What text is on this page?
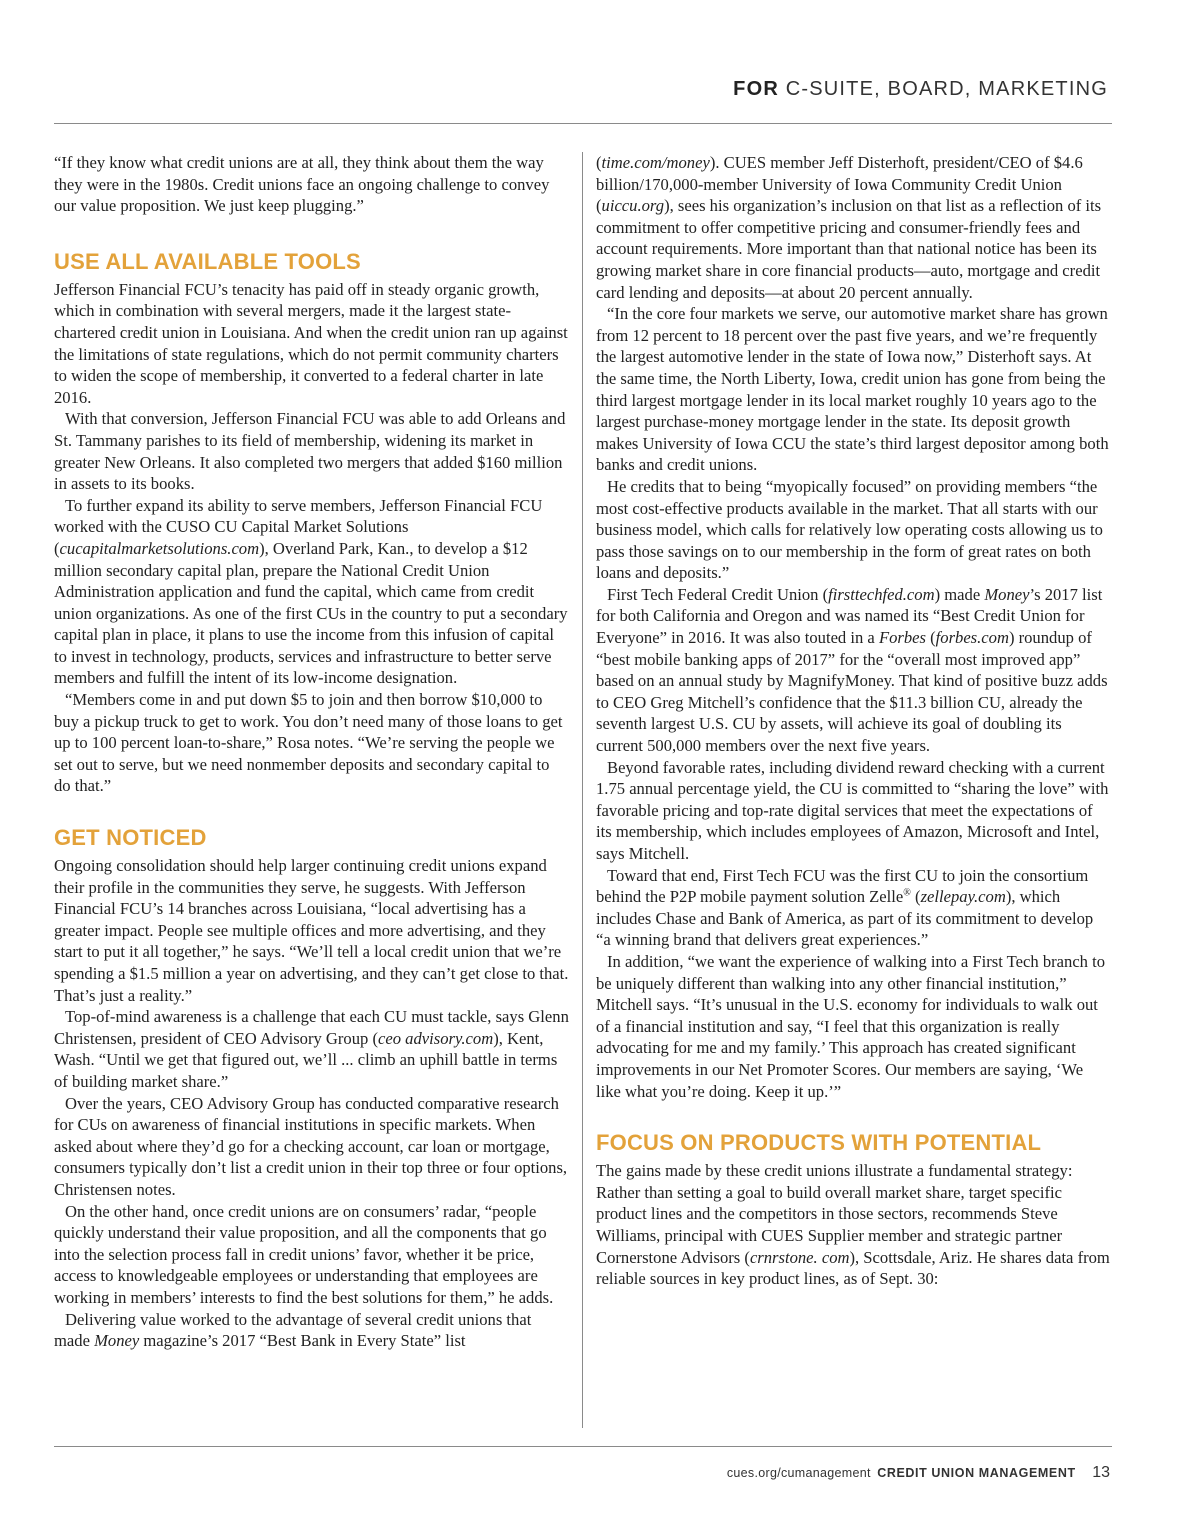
FOR C-SUITE, BOARD, MARKETING

“If they know what credit unions are at all, they think about them the way they were in the 1980s. Credit unions face an ongoing challenge to convey our value proposition. We just keep plugging.”

USE ALL AVAILABLE TOOLS

Jefferson Financial FCU’s tenacity has paid off in steady organic growth, which in combination with several mergers, made it the largest state-chartered credit union in Louisiana. And when the credit union ran up against the limitations of state regulations, which do not permit community charters to widen the scope of membership, it converted to a federal charter in late 2016.

With that conversion, Jefferson Financial FCU was able to add Orleans and St. Tammany parishes to its field of membership, widening its market in greater New Orleans. It also completed two mergers that added $160 million in assets to its books.

To further expand its ability to serve members, Jefferson Financial FCU worked with the CUSO CU Capital Market Solutions (cucapitalmarketsolutions.com), Overland Park, Kan., to develop a $12 million secondary capital plan, prepare the National Credit Union Administration application and fund the capital, which came from credit union organizations. As one of the first CUs in the country to put a secondary capital plan in place, it plans to use the income from this infusion of capital to invest in technology, products, services and infrastructure to better serve members and fulfill the intent of its low-income designation.

“Members come in and put down $5 to join and then borrow $10,000 to buy a pickup truck to get to work. You don’t need many of those loans to get up to 100 percent loan-to-share,” Rosa notes. “We’re serving the people we set out to serve, but we need nonmember deposits and secondary capital to do that.”

GET NOTICED

Ongoing consolidation should help larger continuing credit unions expand their profile in the communities they serve, he suggests. With Jefferson Financial FCU’s 14 branches across Louisiana, “local advertising has a greater impact. People see multiple offices and more advertising, and they start to put it all together,” he says. “We’ll tell a local credit union that we’re spending a $1.5 million a year on advertising, and they can’t get close to that. That’s just a reality.”

Top-of-mind awareness is a challenge that each CU must tackle, says Glenn Christensen, president of CEO Advisory Group (ceo advisory.com), Kent, Wash. “Until we get that figured out, we’ll ... climb an uphill battle in terms of building market share.”

Over the years, CEO Advisory Group has conducted comparative research for CUs on awareness of financial institutions in specific markets. When asked about where they’d go for a checking account, car loan or mortgage, consumers typically don’t list a credit union in their top three or four options, Christensen notes.

On the other hand, once credit unions are on consumers’ radar, “people quickly understand their value proposition, and all the components that go into the selection process fall in credit unions’ favor, whether it be price, access to knowledgeable employees or understanding that employees are working in members’ interests to find the best solutions for them,” he adds.

Delivering value worked to the advantage of several credit unions that made Money magazine’s 2017 “Best Bank in Every State” list

(time.com/money). CUES member Jeff Disterhoft, president/CEO of $4.6 billion/170,000-member University of Iowa Community Credit Union (uiccu.org), sees his organization’s inclusion on that list as a reflection of its commitment to offer competitive pricing and consumer-friendly fees and account requirements. More important than that national notice has been its growing market share in core financial products—auto, mortgage and credit card lending and deposits—at about 20 percent annually.

“In the core four markets we serve, our automotive market share has grown from 12 percent to 18 percent over the past five years, and we’re frequently the largest automotive lender in the state of Iowa now,” Disterhoft says. At the same time, the North Liberty, Iowa, credit union has gone from being the third largest mortgage lender in its local market roughly 10 years ago to the largest purchase-money mortgage lender in the state. Its deposit growth makes University of Iowa CCU the state’s third largest depositor among both banks and credit unions.

He credits that to being “myopically focused” on providing members “the most cost-effective products available in the market. That all starts with our business model, which calls for relatively low operating costs allowing us to pass those savings on to our membership in the form of great rates on both loans and deposits.”

First Tech Federal Credit Union (firsttechfed.com) made Money’s 2017 list for both California and Oregon and was named its “Best Credit Union for Everyone” in 2016. It was also touted in a Forbes (forbes.com) roundup of “best mobile banking apps of 2017” for the “overall most improved app” based on an annual study by MagnifyMoney. That kind of positive buzz adds to CEO Greg Mitchell’s confidence that the $11.3 billion CU, already the seventh largest U.S. CU by assets, will achieve its goal of doubling its current 500,000 members over the next five years.

Beyond favorable rates, including dividend reward checking with a current 1.75 annual percentage yield, the CU is committed to “sharing the love” with favorable pricing and top-rate digital services that meet the expectations of its membership, which includes employees of Amazon, Microsoft and Intel, says Mitchell.

Toward that end, First Tech FCU was the first CU to join the consortium behind the P2P mobile payment solution Zelle® (zellepay.com), which includes Chase and Bank of America, as part of its commitment to develop “a winning brand that delivers great experiences.”

In addition, “we want the experience of walking into a First Tech branch to be uniquely different than walking into any other financial institution,” Mitchell says. “It’s unusual in the U.S. economy for individuals to walk out of a financial institution and say, “I feel that this organization is really advocating for me and my family.’ This approach has created significant improvements in our Net Promoter Scores. Our members are saying, ‘We like what you’re doing. Keep it up.’”

FOCUS ON PRODUCTS WITH POTENTIAL

The gains made by these credit unions illustrate a fundamental strategy: Rather than setting a goal to build overall market share, target specific product lines and the competitors in those sectors, recommends Steve Williams, principal with CUES Supplier member and strategic partner Cornerstone Advisors (crnrstone. com), Scottsdale, Ariz. He shares data from reliable sources in key product lines, as of Sept. 30:

cues.org/cumanagement CREDIT UNION MANAGEMENT 13
